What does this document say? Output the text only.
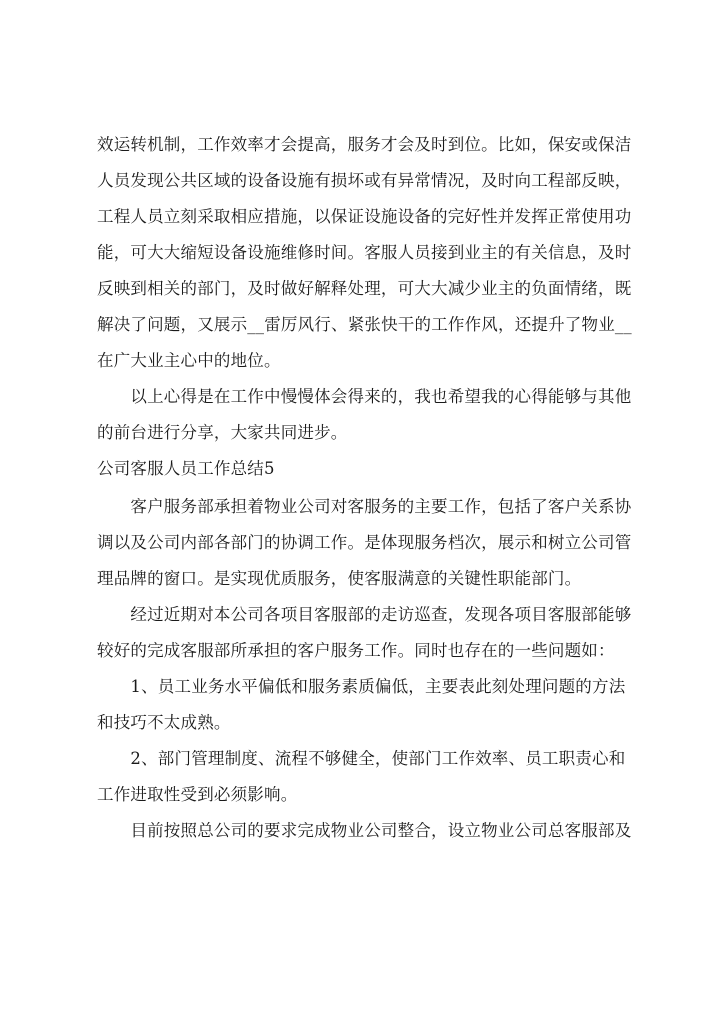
效运转机制，工作效率才会提高，服务才会及时到位。比如，保安或保洁
人员发现公共区域的设备设施有损坏或有异常情况，及时向工程部反映，
工程人员立刻采取相应措施，以保证设施设备的完好性并发挥正常使用功
能，可大大缩短设备设施维修时间。客服人员接到业主的有关信息，及时
反映到相关的部门，及时做好解释处理，可大大减少业主的负面情绪，既
解决了问题，又展示__雷厉风行、紧张快干的工作作风，还提升了物业__
在广大业主心中的地位。
　　以上心得是在工作中慢慢体会得来的，我也希望我的心得能够与其他
的前台进行分享，大家共同进步。
公司客服人员工作总结5
　　客户服务部承担着物业公司对客服务的主要工作，包括了客户关系协
调以及公司内部各部门的协调工作。是体现服务档次，展示和树立公司管
理品牌的窗口。是实现优质服务，使客服满意的关键性职能部门。
　　经过近期对本公司各项目客服部的走访巡查，发现各项目客服部能够
较好的完成客服部所承担的客户服务工作。同时也存在的一些问题如：
　　1、员工业务水平偏低和服务素质偏低，主要表此刻处理问题的方法
和技巧不太成熟。
　　2、部门管理制度、流程不够健全，使部门工作效率、员工职责心和
工作进取性受到必须影响。
　　目前按照总公司的要求完成物业公司整合，设立物业公司总客服部及
